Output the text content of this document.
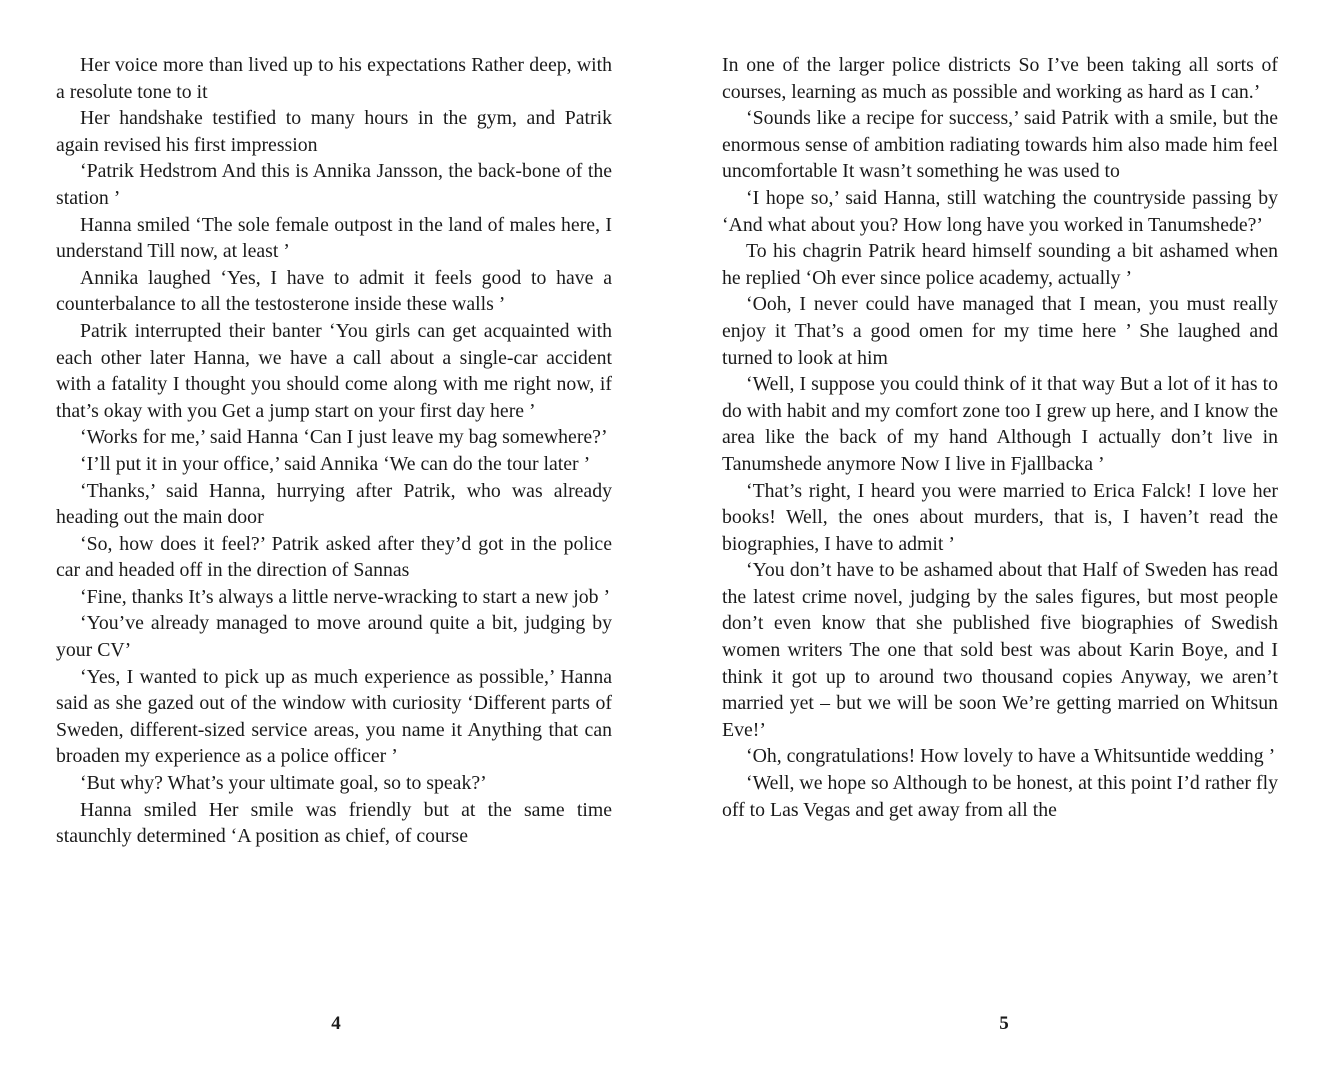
Her voice more than lived up to his expectations Rather deep, with a resolute tone to it

Her handshake testified to many hours in the gym, and Patrik again revised his first impression

‘Patrik Hedstrom And this is Annika Jansson, the back-bone of the station ’

Hanna smiled ‘The sole female outpost in the land of males here, I understand Till now, at least ’

Annika laughed ‘Yes, I have to admit it feels good to have a counterbalance to all the testosterone inside these walls ’

Patrik interrupted their banter ‘You girls can get acquainted with each other later Hanna, we have a call about a single-car accident with a fatality I thought you should come along with me right now, if that’s okay with you Get a jump start on your first day here ’

‘Works for me,’ said Hanna ‘Can I just leave my bag somewhere?’

‘I’ll put it in your office,’ said Annika ‘We can do the tour later ’

‘Thanks,’ said Hanna, hurrying after Patrik, who was already heading out the main door

‘So, how does it feel?’ Patrik asked after they’d got in the police car and headed off in the direction of Sannas

‘Fine, thanks It’s always a little nerve-wracking to start a new job ’

‘You’ve already managed to move around quite a bit, judging by your CV’

‘Yes, I wanted to pick up as much experience as possible,’ Hanna said as she gazed out of the window with curiosity ‘Different parts of Sweden, different-sized service areas, you name it Anything that can broaden my experience as a police officer ’

‘But why? What’s your ultimate goal, so to speak?’

Hanna smiled Her smile was friendly but at the same time staunchly determined ‘A position as chief, of course

4

In one of the larger police districts So I’ve been taking all sorts of courses, learning as much as possible and working as hard as I can.’

‘Sounds like a recipe for success,’ said Patrik with a smile, but the enormous sense of ambition radiating towards him also made him feel uncomfortable It wasn’t something he was used to

‘I hope so,’ said Hanna, still watching the countryside passing by ‘And what about you? How long have you worked in Tanumshede?’

To his chagrin Patrik heard himself sounding a bit ashamed when he replied ‘Oh ever since police academy, actually ’

‘Ooh, I never could have managed that I mean, you must really enjoy it That’s a good omen for my time here ’ She laughed and turned to look at him

‘Well, I suppose you could think of it that way But a lot of it has to do with habit and my comfort zone too I grew up here, and I know the area like the back of my hand Although I actually don’t live in Tanumshede anymore Now I live in Fjallbacka ’

‘That’s right, I heard you were married to Erica Falck! I love her books! Well, the ones about murders, that is, I haven’t read the biographies, I have to admit ’

‘You don’t have to be ashamed about that Half of Sweden has read the latest crime novel, judging by the sales figures, but most people don’t even know that she published five biographies of Swedish women writers The one that sold best was about Karin Boye, and I think it got up to around two thousand copies Anyway, we aren’t married yet – but we will be soon We’re getting married on Whitsun Eve!’

‘Oh, congratulations! How lovely to have a Whitsuntide wedding ’

‘Well, we hope so Although to be honest, at this point I’d rather fly off to Las Vegas and get away from all the

5
